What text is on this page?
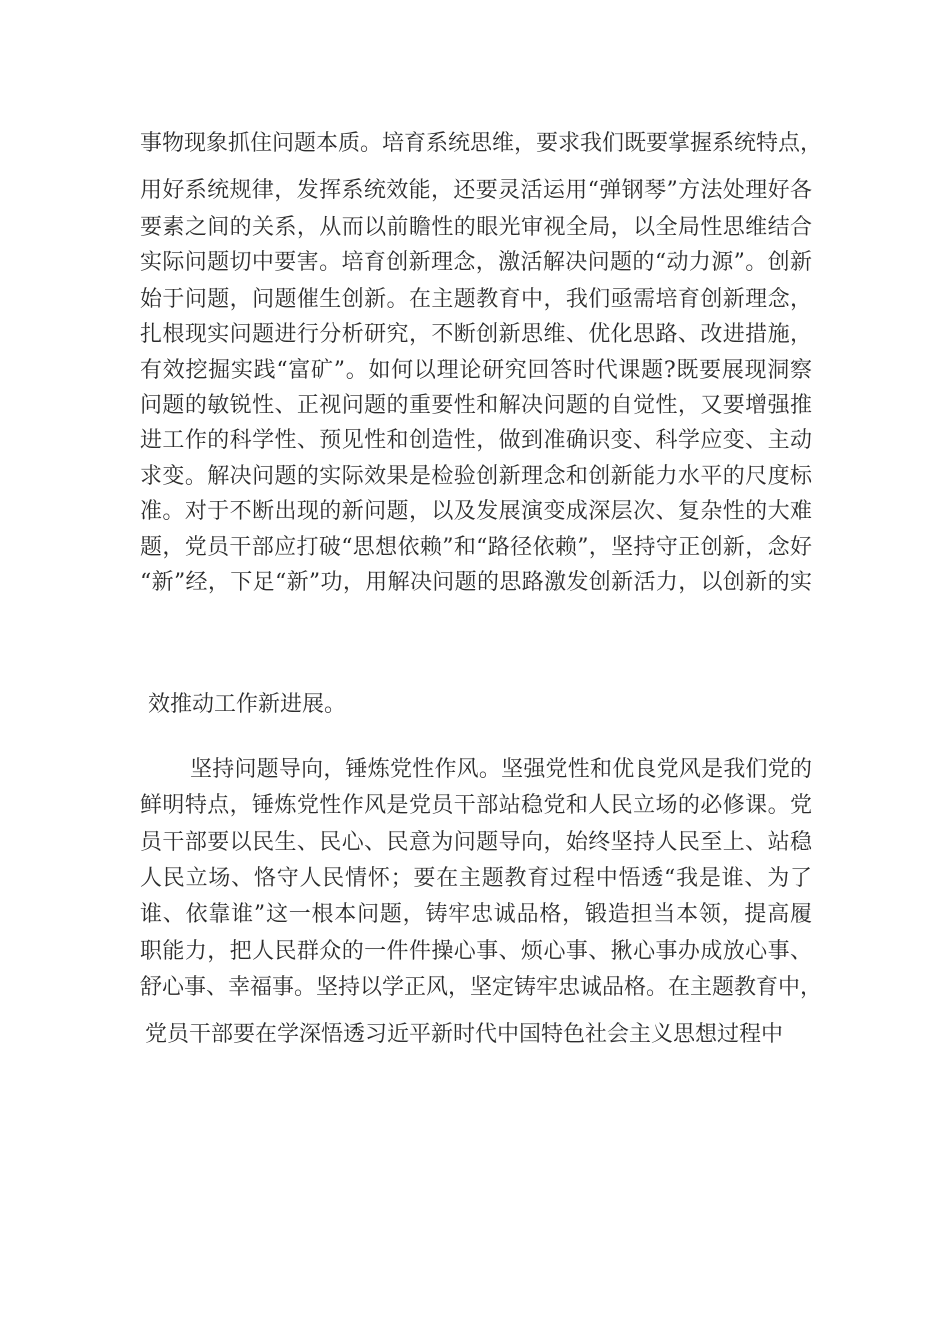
事物现象抓住问题本质。培育系统思维，要求我们既要掌握系统特点，
用好系统规律，发挥系统效能，还要灵活运用“弹钢琴”方法处理好各
要素之间的关系，从而以前瞻性的眼光审视全局，以全局性思维结合
实际问题切中要害。培育创新理念，激活解决问题的“动力源”。创新
始于问题，问题催生创新。在主题教育中，我们亟需培育创新理念，
扎根现实问题进行分析研究，不断创新思维、优化思路、改进措施，
有效挖掘实践“富矿”。如何以理论研究回答时代课题?既要展现洞察
问题的敏锐性、正视问题的重要性和解决问题的自觉性，又要增强推
进工作的科学性、预见性和创造性，做到准确识变、科学应变、主动
求变。解决问题的实际效果是检验创新理念和创新能力水平的尺度标
准。对于不断出现的新问题，以及发展演变成深层次、复杂性的大难
题，党员干部应打破“思想依赖”和“路径依赖”，坚持守正创新，念好
“新”经，下足“新”功，用解决问题的思路激发创新活力，以创新的实
效推动工作新进展。
坚持问题导向，锤炼党性作风。坚强党性和优良党风是我们党的
鲜明特点，锤炼党性作风是党员干部站稳党和人民立场的必修课。党
员干部要以民生、民心、民意为问题导向，始终坚持人民至上、站稳
人民立场、恪守人民情怀；要在主题教育过程中悟透“我是谁、为了
谁、依靠谁”这一根本问题，铸牢忠诚品格，锻造担当本领，提高履
职能力，把人民群众的一件件操心事、烦心事、揪心事办成放心事、
舒心事、幸福事。坚持以学正风，坚定铸牢忠诚品格。在主题教育中，
党员干部要在学深悟透习近平新时代中国特色社会主义思想过程中
